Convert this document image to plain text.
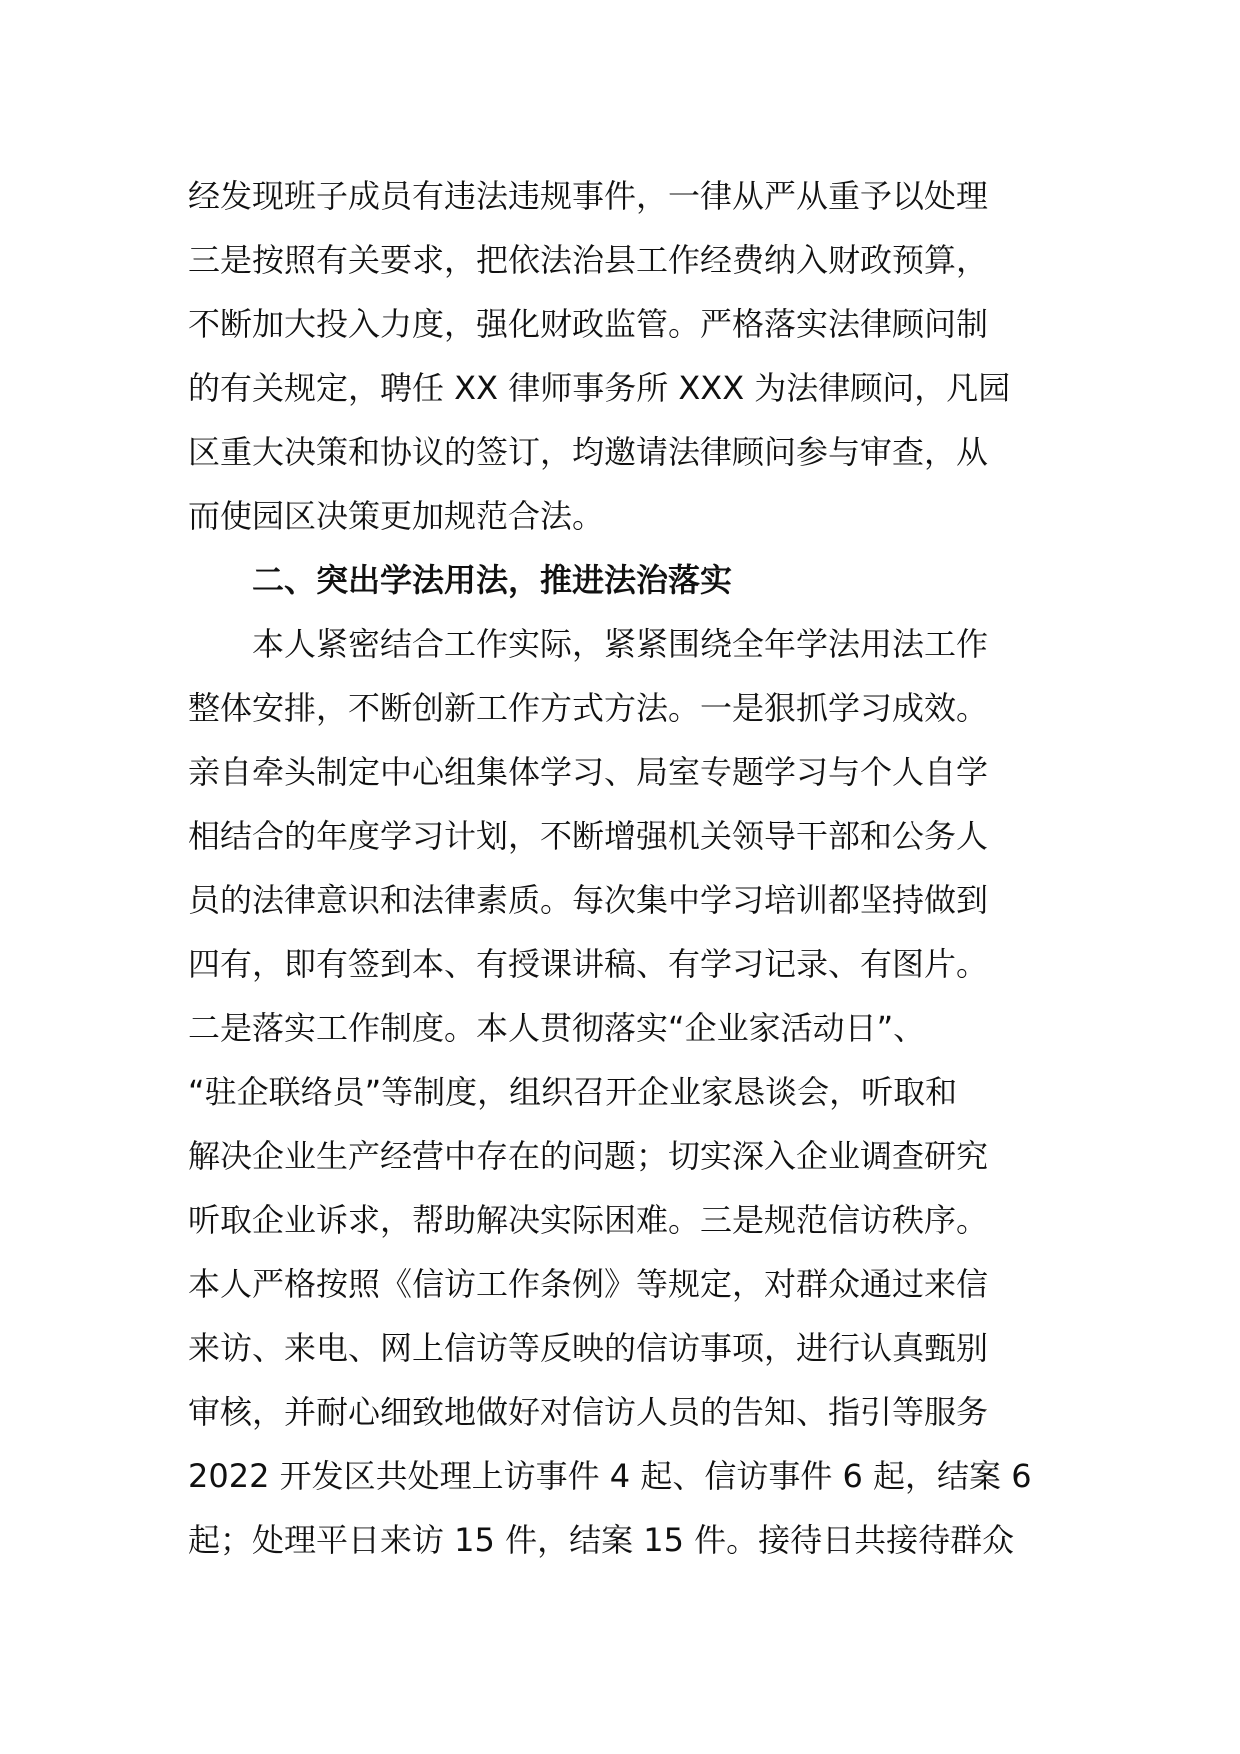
经发现班子成员有违法违规事件，一律从严从重予以处理
三是按照有关要求，把依法治县工作经费纳入财政预算，
不断加大投入力度，强化财政监管。严格落实法律顾问制
的有关规定，聘任 XX 律师事务所 XXX 为法律顾问，凡园
区重大决策和协议的签订，均邀请法律顾问参与审查，从
而使园区决策更加规范合法。
二、突出学法用法，推进法治落实
本人紧密结合工作实际，紧紧围绕全年学法用法工作
整体安排，不断创新工作方式方法。一是狠抓学习成效。
亲自牵头制定中心组集体学习、局室专题学习与个人自学
相结合的年度学习计划，不断增强机关领导干部和公务人
员的法律意识和法律素质。每次集中学习培训都坚持做到
四有，即有签到本、有授课讲稿、有学习记录、有图片。
二是落实工作制度。本人贯彻落实“企业家活动日”、
“驻企联络员”等制度，组织召开企业家恳谈会，听取和
解决企业生产经营中存在的问题；切实深入企业调查研究
听取企业诉求，帮助解决实际困难。三是规范信访秩序。
本人严格按照《信访工作条例》等规定，对群众通过来信
来访、来电、网上信访等反映的信访事项，进行认真甄别
审核，并耐心细致地做好对信访人员的告知、指引等服务
2022 开发区共处理上访事件 4 起、信访事件 6 起，结案 6
起；处理平日来访 15 件，结案 15 件。接待日共接待群众
